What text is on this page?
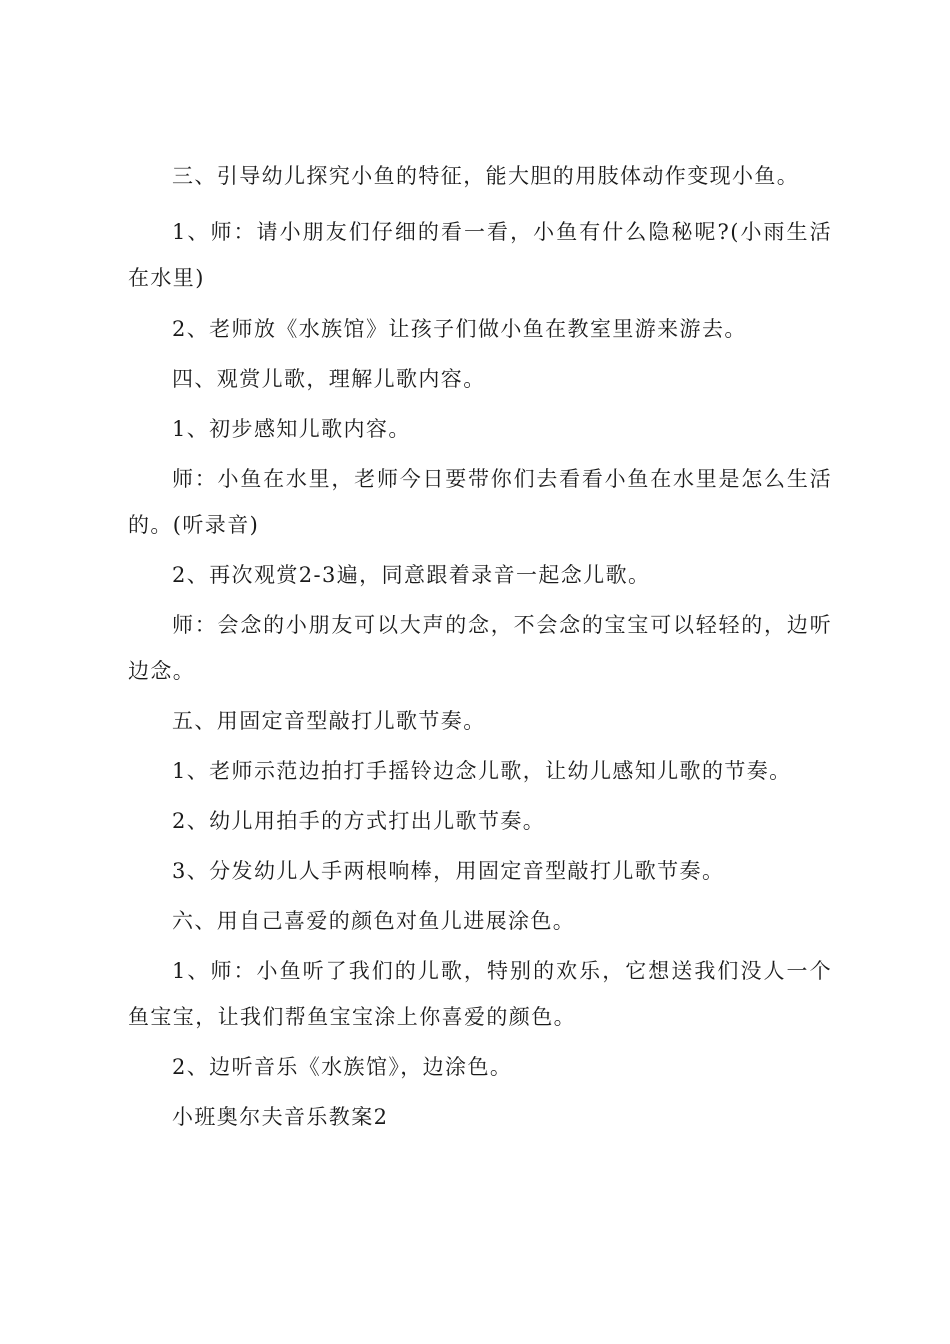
三、引导幼儿探究小鱼的特征，能大胆的用肢体动作变现小鱼。

1、师：请小朋友们仔细的看一看，小鱼有什么隐秘呢?(小雨生活在水里)

2、老师放《水族馆》让孩子们做小鱼在教室里游来游去。

四、观赏儿歌，理解儿歌内容。

1、初步感知儿歌内容。

师：小鱼在水里，老师今日要带你们去看看小鱼在水里是怎么生活的。(听录音)

2、再次观赏2-3遍，同意跟着录音一起念儿歌。

师：会念的小朋友可以大声的念，不会念的宝宝可以轻轻的，边听边念。

五、用固定音型敲打儿歌节奏。

1、老师示范边拍打手摇铃边念儿歌，让幼儿感知儿歌的节奏。

2、幼儿用拍手的方式打出儿歌节奏。

3、分发幼儿人手两根响棒，用固定音型敲打儿歌节奏。

六、用自己喜爱的颜色对鱼儿进展涂色。

1、师：小鱼听了我们的儿歌，特别的欢乐，它想送我们没人一个鱼宝宝，让我们帮鱼宝宝涂上你喜爱的颜色。

2、边听音乐《水族馆》，边涂色。

小班奥尔夫音乐教案2
